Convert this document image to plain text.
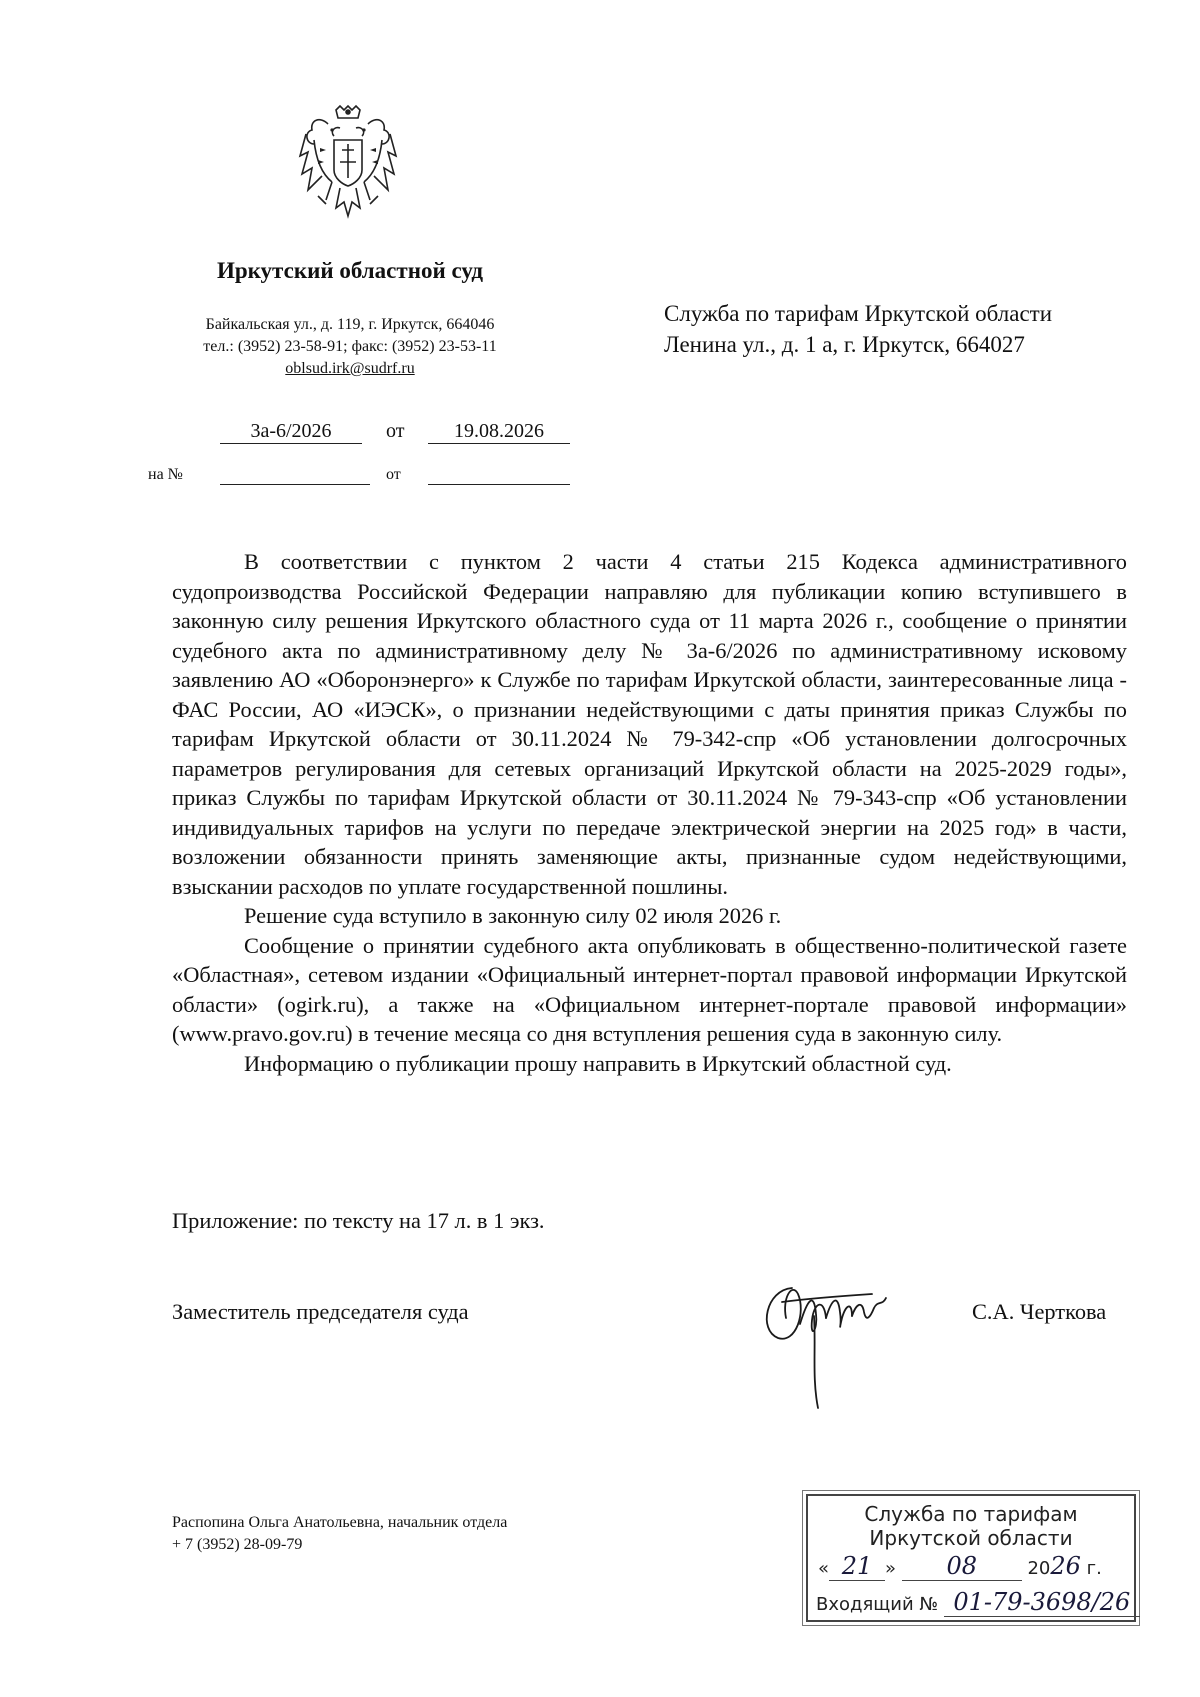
Иркутский областной суд
Байкальская ул., д. 119, г. Иркутск, 664046
тел.: (3952) 23-58-91; факс: (3952) 23-53-11
oblsud.irk@sudrf.ru
Служба по тарифам Иркутской области
Ленина ул., д. 1 а, г. Иркутск, 664027
3а-6/2026	от	19.08.2026
на №	от

В соответствии с пунктом 2 части 4 статьи 215 Кодекса административного судопроизводства Российской Федерации направляю для публикации копию вступившего в законную силу решения Иркутского областного суда от 11 марта 2026 г., сообщение о принятии судебного акта по административному делу № 3а-6/2026 по административному исковому заявлению АО «Оборонэнерго» к Службе по тарифам Иркутской области, заинтересованные лица - ФАС России, АО «ИЭСК», о признании недействующими с даты принятия приказ Службы по тарифам Иркутской области от 30.11.2024 № 79-342-спр «Об установлении долгосрочных параметров регулирования для сетевых организаций Иркутской области на 2025-2029 годы», приказ Службы по тарифам Иркутской области от 30.11.2024 № 79-343-спр «Об установлении индивидуальных тарифов на услуги по передаче электрической энергии на 2025 год» в части, возложении обязанности принять заменяющие акты, признанные судом недействующими, взыскании расходов по уплате государственной пошлины.

Решение суда вступило в законную силу 02 июля 2026 г.

Сообщение о принятии судебного акта опубликовать в общественно-политической газете «Областная», сетевом издании «Официальный интернет-портал правовой информации Иркутской области» (ogirk.ru), а также на «Официальном интернет-портале правовой информации» (www.pravo.gov.ru) в течение месяца со дня вступления решения суда в законную силу.

Информацию о публикации прошу направить в Иркутский областной суд.

Приложение: по тексту на 17 л. в 1 экз.
Заместитель председателя суда	С.А. Черткова
Распопина Ольга Анатольевна, начальник отдела
+ 7 (3952) 28-09-79
Служба по тарифам
Иркутской области
« 21 » 08	2026 г.
Входящий № 01-79-3698/26
